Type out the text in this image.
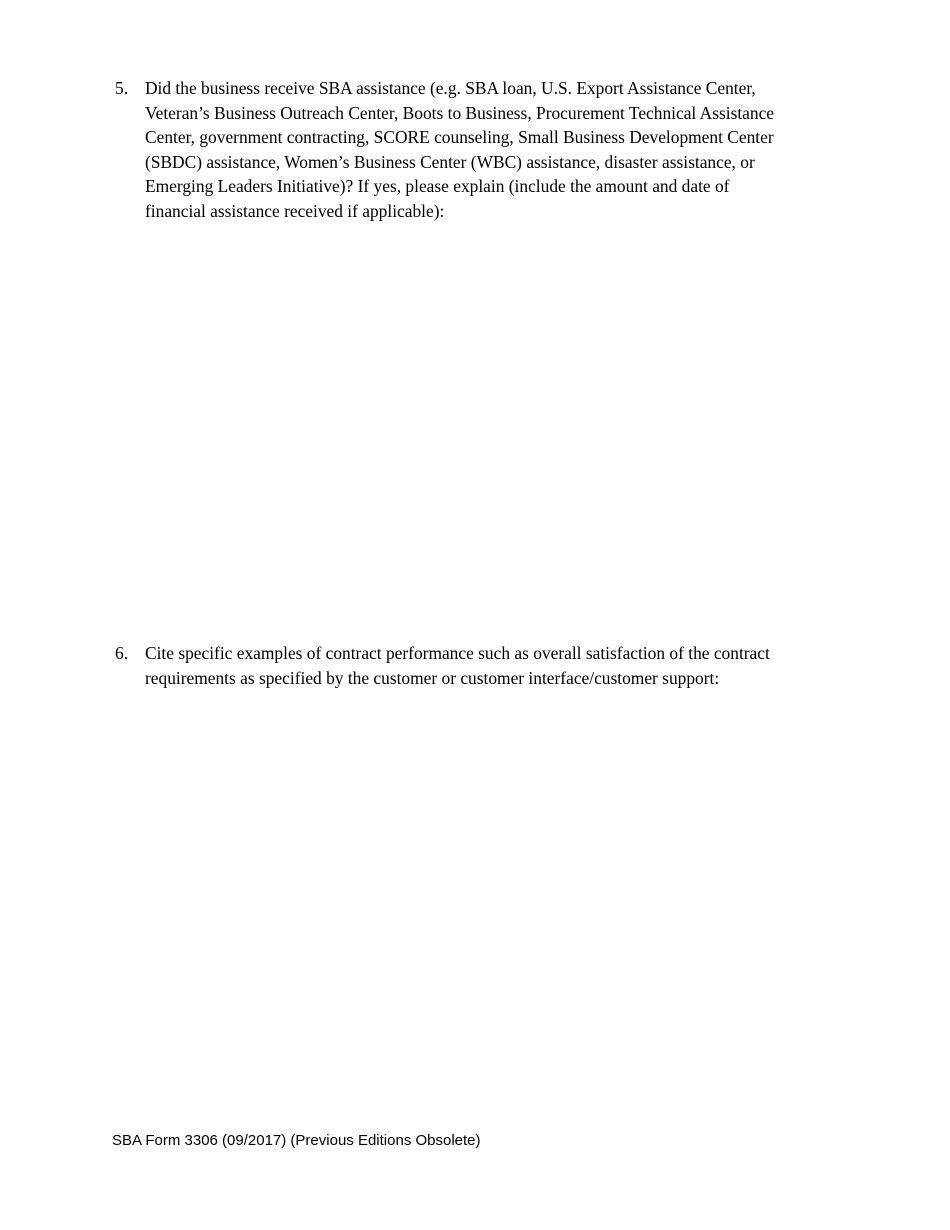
5. Did the business receive SBA assistance (e.g. SBA loan, U.S. Export Assistance Center,
Veteran’s Business Outreach Center, Boots to Business, Procurement Technical Assistance
Center, government contracting, SCORE counseling, Small Business Development Center
(SBDC) assistance, Women’s Business Center (WBC) assistance, disaster assistance, or
Emerging Leaders Initiative)? If yes, please explain (include the amount and date of
financial assistance received if applicable):
6. Cite specific examples of contract performance such as overall satisfaction of the contract
requirements as specified by the customer or customer interface/customer support:
SBA Form 3306 (09/2017) (Previous Editions Obsolete)
